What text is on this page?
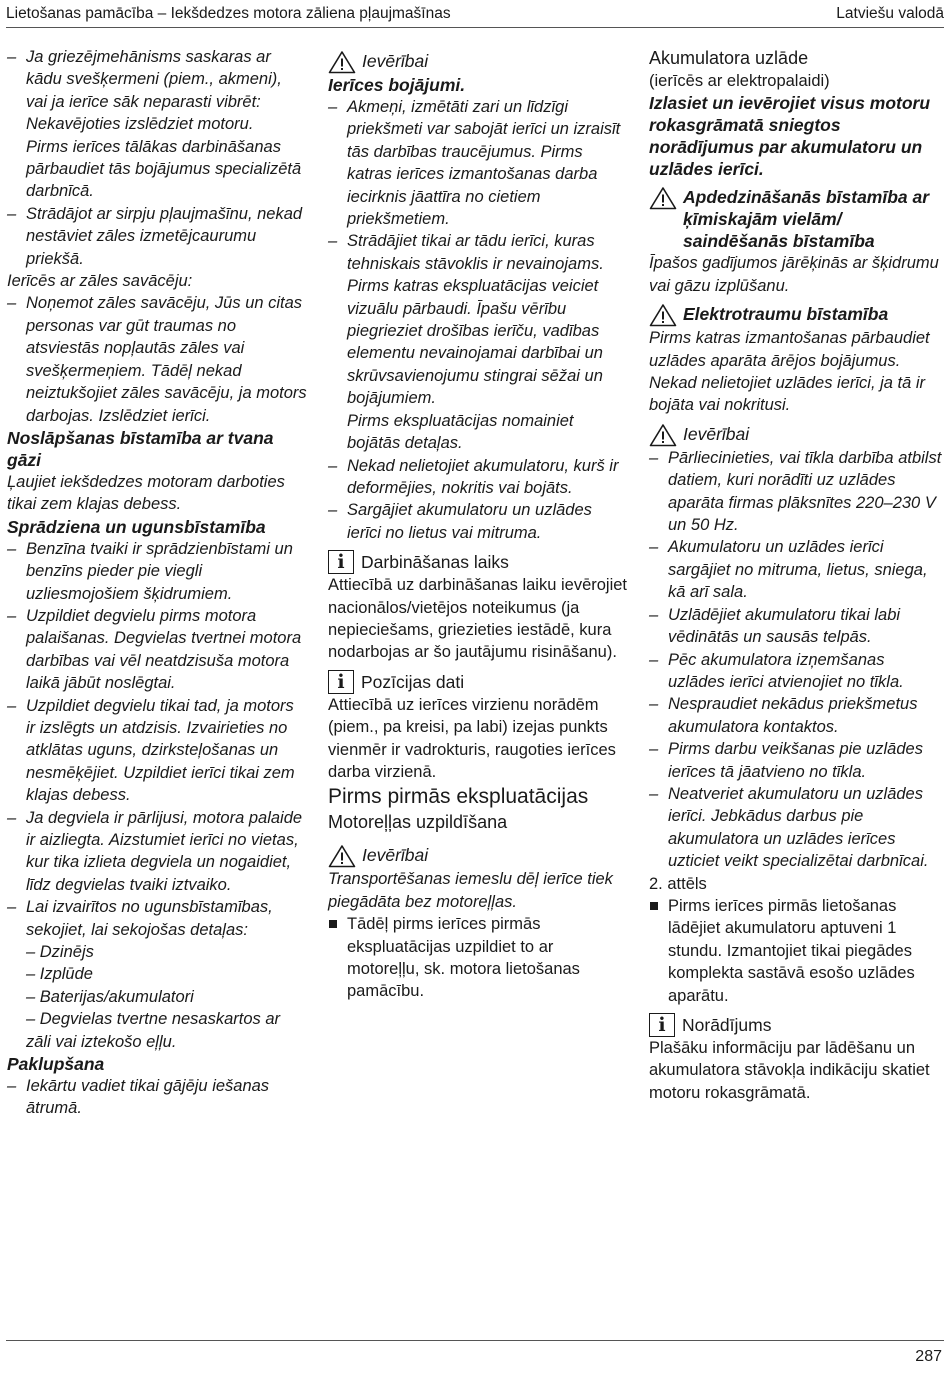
Lietošanas pamācība – Iekšdedzes motora zāliena pļaujmašīnas	Latviešu valodā
– Ja griezējmehānisms saskaras ar kādu svešķermeni (piem., akmeni), vai ja ierīce sāk neparasti vibrēt: Nekavējoties izslēdziet motoru.
Pirms ierīces tālākas darbināšanas pārbaudiet tās bojājumus specializētā darbnīcā.
– Strādājot ar sirpju pļaujmašīnu, nekad nestāviet zāles izmetējcaurumu priekšā.

Ierīcēs ar zāles savācēju:

– Noņemot zāles savācēju, Jūs un citas personas var gūt traumas no atsviestās nopļautās zāles vai svešķermeņiem. Tādēļ nekad neiztukšojiet zāles savācēju, ja motors darbojas. Izslēdziet ierīci.

Noslāpšanas bīstamība ar tvana gāzi

Ļaujiet iekšdedzes motoram darboties tikai zem klajas debess.

Sprādziena un ugunsbīstamība

– Benzīna tvaiki ir sprādzienbīstami un benzīns pieder pie viegli uzliesmojošiem šķidrumiem.
– Uzpildiet degvielu pirms motora palaišanas. Degvielas tvertnei motora darbības vai vēl neatdzisuša motora laikā jābūt noslēgtai.
– Uzpildiet degvielu tikai tad, ja motors ir izslēgts un atdzisis. Izvairieties no atklātas uguns, dzirksteļošanas un nesmēķējiet. Uzpildiet ierīci tikai zem klajas debess.
– Ja degviela ir pārlijusi, motora palaide ir aizliegta. Aizstumiet ierīci no vietas, kur tika izlieta degviela un nogaidiet, līdz degvielas tvaiki iztvaiko.
– Lai izvairītos no ugunsbīstamības, sekojiet, lai sekojošas detaļas:
– Dzinējs
– Izplūde
– Baterijas/akumulatori
– Degvielas tvertne nesaskartos ar zāli vai iztekošo eļļu.

Paklupšana

– Iekārtu vadiet tikai gājēju iešanas ātrumā.
Ievērībai

Ierīces bojājumi.

– Akmeņi, izmētāti zari un līdzīgi priekšmeti var sabojāt ierīci un izraisīt tās darbības traucējumus. Pirms katras ierīces izmantošanas darba iecirknis jāattīra no cietiem priekšmetiem.
– Strādājiet tikai ar tādu ierīci, kuras tehniskais stāvoklis ir nevainojams. Pirms katras ekspluatācijas veiciet vizuālu pārbaudi. Īpašu vērību piegrieziet drošības ierīču, vadības elementu nevainojamai darbībai un skrūvsavienojumu stingrai sēžai un bojājumiem.
Pirms ekspluatācijas nomainiet bojātās detaļas.
– Nekad nelietojiet akumulatoru, kurš ir deformējies, nokritis vai bojāts.
– Sargājiet akumulatoru un uzlādes ierīci no lietus vai mitruma.
i Darbināšanas laiks

Attiecībā uz darbināšanas laiku ievērojiet nacionālos/vietējos noteikumus (ja nepieciešams, griezieties iestādē, kura nodarbojas ar šo jautājumu risināšanu).

i Pozīcijas dati

Attiecībā uz ierīces virzienu norādēm (piem., pa kreisi, pa labi) izejas punkts vienmēr ir vadrokturis, raugoties ierīces darba virzienā.

Pirms pirmās ekspluatācijas

Motoreļļas uzpildīšana

Ievērībai

Transportēšanas iemeslu dēļ ierīce tiek piegādāta bez motoreļļas.

Tādēļ pirms ierīces pirmās ekspluatācijas uzpildiet to ar motoreļļu, sk. motora lietošanas pamācību.

Akumulatora uzlāde

(ierīcēs ar elektropalaidi)

Izlasiet un ievērojiet visus motoru rokasgrāmatā sniegtos norādījumus par akumulatoru un uzlādes ierīci.

Apdedzināšanās bīstamība ar ķīmiskajām vielām/ saindēšanās bīstamība

Īpašos gadījumos jārēķinās ar šķidrumu vai gāzu izplūšanu.

Elektrotraumu bīstamība

Pirms katras izmantošanas pārbaudiet uzlādes aparāta ārējos bojājumus. Nekad nelietojiet uzlādes ierīci, ja tā ir bojāta vai nokritusi.

Ievērībai
– Pārliecinieties, vai tīkla darbība atbilst datiem, kuri norādīti uz uzlādes aparāta firmas plāksnītes 220–230 V un 50 Hz.
– Akumulatoru un uzlādes ierīci sargājiet no mitruma, lietus, sniega, kā arī sala.
– Uzlādējiet akumulatoru tikai labi vēdinātās un sausās telpās.
– Pēc akumulatora izņemšanas uzlādes ierīci atvienojiet no tīkla.
– Nespraudiet nekādus priekšmetus akumulatora kontaktos.
– Pirms darbu veikšanas pie uzlādes ierīces tā jāatvieno no tīkla.
– Neatveriet akumulatoru un uzlādes ierīci. Jebkādus darbus pie akumulatora un uzlādes ierīces uzticiet veikt specializētai darbnīcai.

2. attēls

Pirms ierīces pirmās lietošanas lādējiet akumulatoru aptuveni 1 stundu. Izmantojiet tikai piegādes komplekta sastāvā esošo uzlādes aparātu.
i Norādījums

Plašāku informāciju par lādēšanu un akumulatora stāvokļa indikāciju skatiet motoru rokasgrāmatā.

287
